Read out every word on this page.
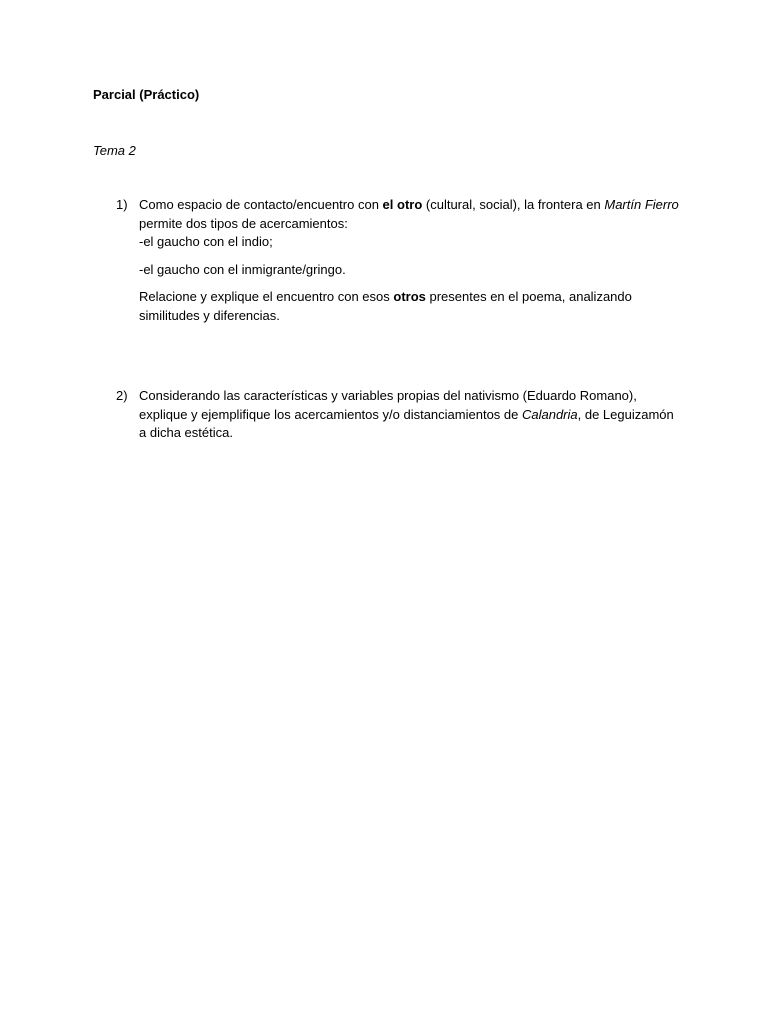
Parcial (Práctico)
Tema 2
1) Como espacio de contacto/encuentro con el otro (cultural, social), la frontera en Martín Fierro permite dos tipos de acercamientos:
-el gaucho con el indio;

-el gaucho con el inmigrante/gringo.

Relacione y explique el encuentro con esos otros presentes en el poema, analizando similitudes y diferencias.

2) Considerando las características y variables propias del nativismo (Eduardo Romano), explique y ejemplifique los acercamientos y/o distanciamientos de Calandria, de Leguizamón a dicha estética.
